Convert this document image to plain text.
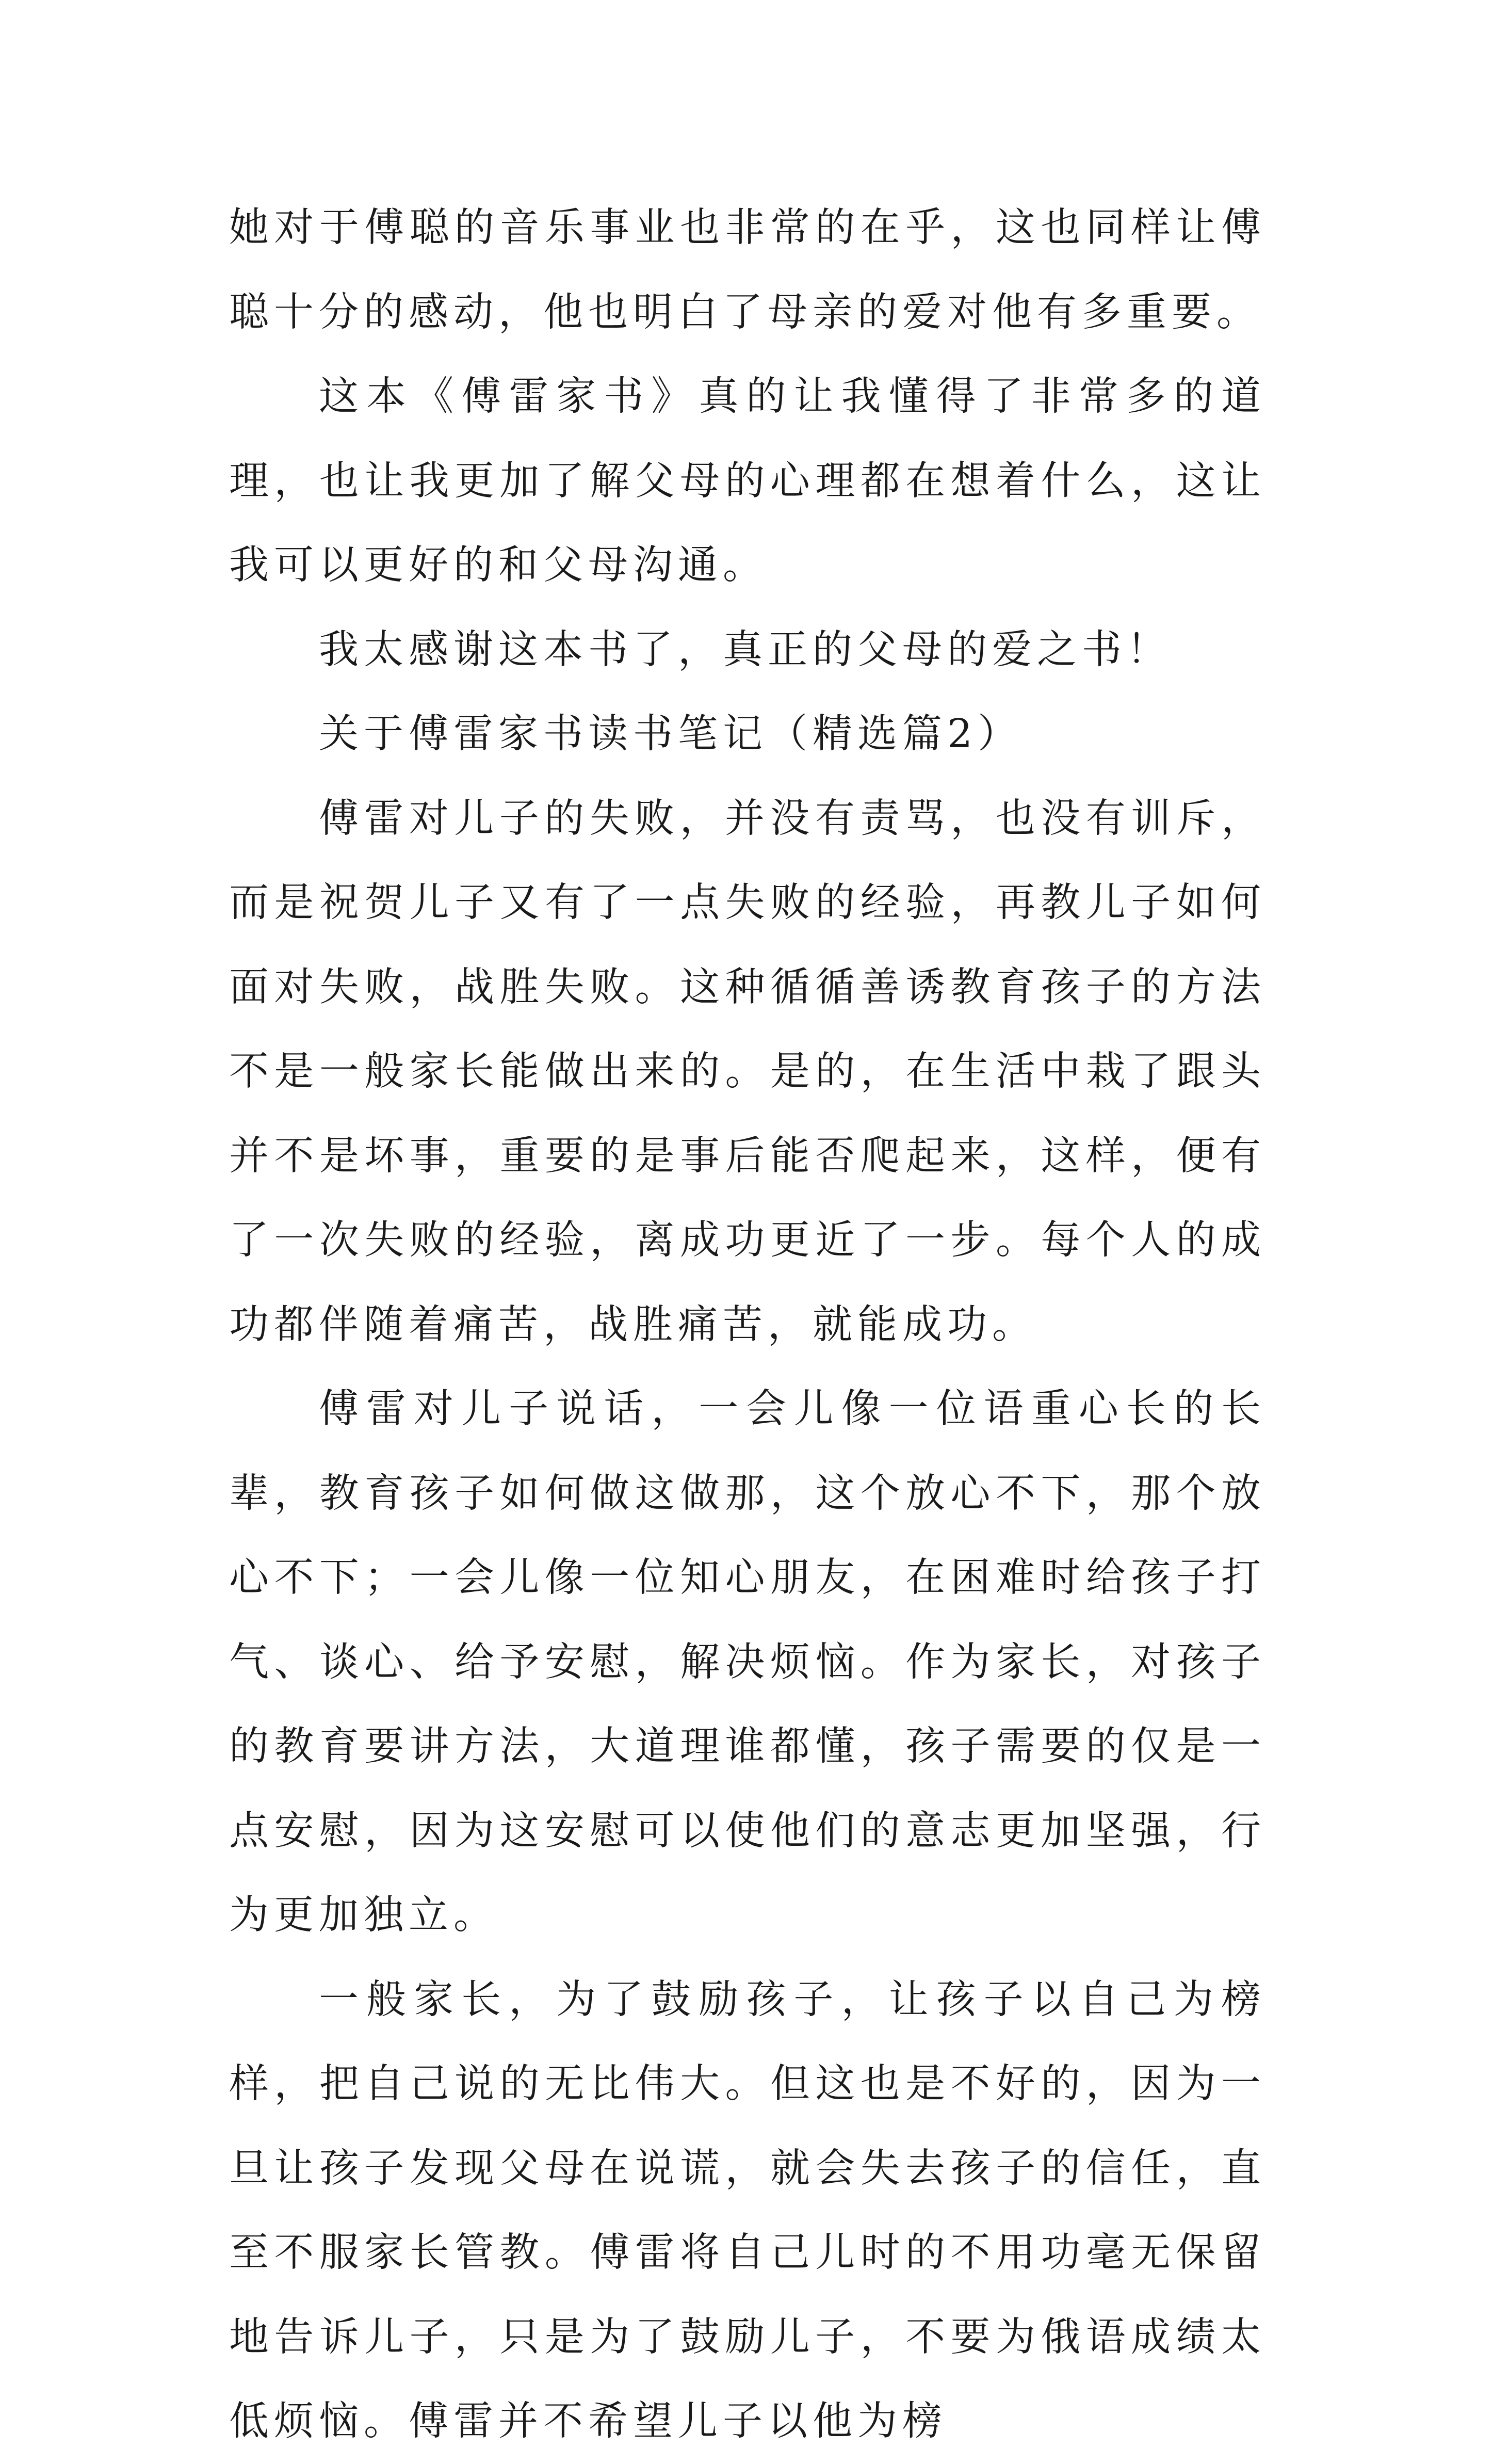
她对于傅聪的音乐事业也非常的在乎，这也同样让傅聪十分的感动，他也明白了母亲的爱对他有多重要。

这本《傅雷家书》真的让我懂得了非常多的道理，也让我更加了解父母的心理都在想着什么，这让我可以更好的和父母沟通。

我太感谢这本书了，真正的父母的爱之书！

关于傅雷家书读书笔记（精选篇2）

傅雷对儿子的失败，并没有责骂，也没有训斥，而是祝贺儿子又有了一点失败的经验，再教儿子如何面对失败，战胜失败。这种循循善诱教育孩子的方法不是一般家长能做出来的。是的，在生活中栽了跟头并不是坏事，重要的是事后能否爬起来，这样，便有了一次失败的经验，离成功更近了一步。每个人的成功都伴随着痛苦，战胜痛苦，就能成功。

傅雷对儿子说话，一会儿像一位语重心长的长辈，教育孩子如何做这做那，这个放心不下，那个放心不下；一会儿像一位知心朋友，在困难时给孩子打气、谈心、给予安慰，解决烦恼。作为家长，对孩子的教育要讲方法，大道理谁都懂，孩子需要的仅是一点安慰，因为这安慰可以使他们的意志更加坚强，行为更加独立。

一般家长，为了鼓励孩子，让孩子以自己为榜样，把自己说的无比伟大。但这也是不好的，因为一旦让孩子发现父母在说谎，就会失去孩子的信任，直至不服家长管教。傅雷将自己儿时的不用功毫无保留地告诉儿子，只是为了鼓励儿子，不要为俄语成绩太低烦恼。傅雷并不希望儿子以他为榜
